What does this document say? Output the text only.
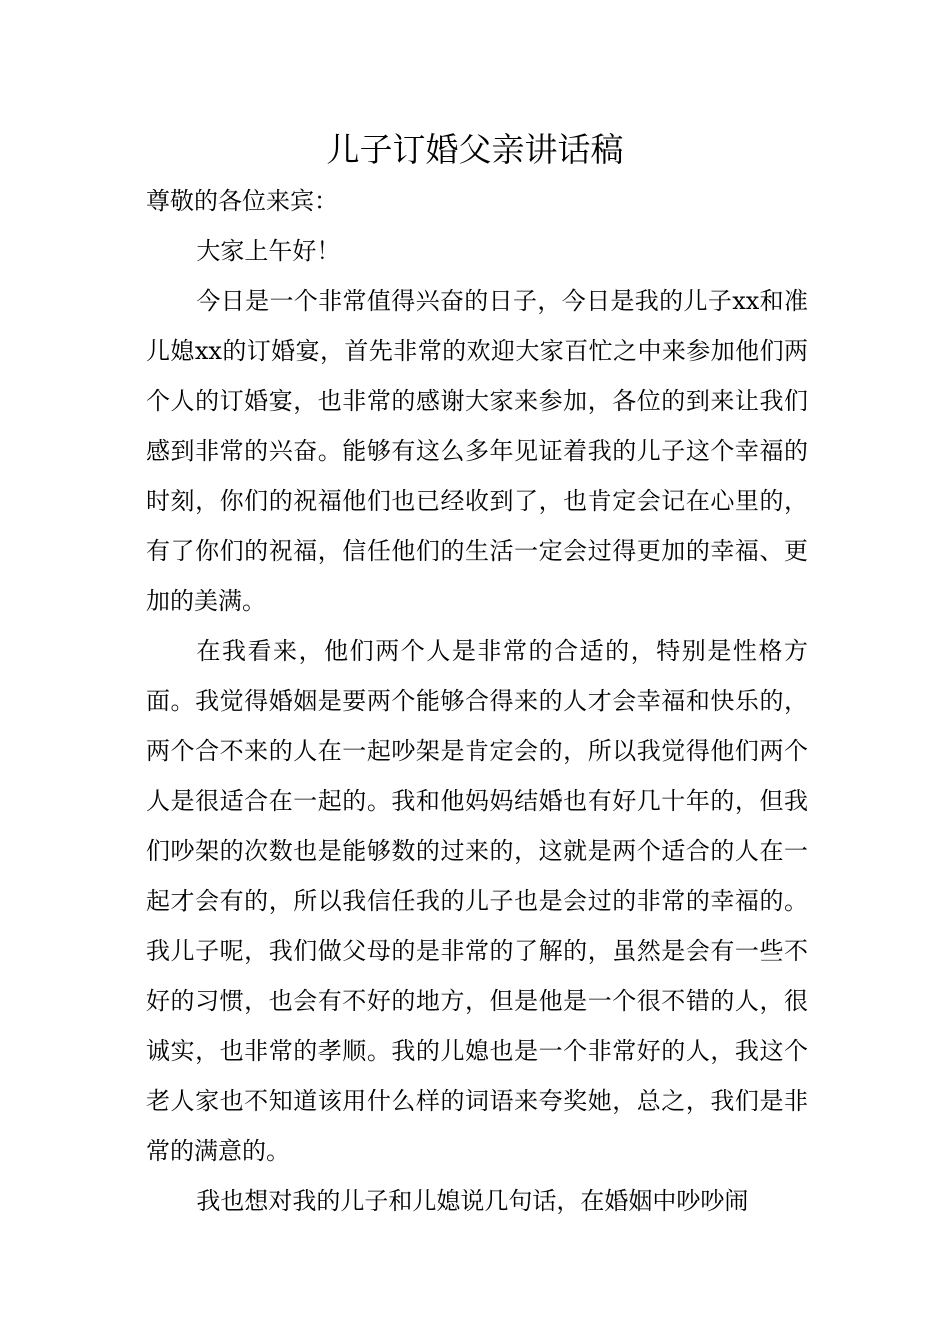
儿子订婚父亲讲话稿

尊敬的各位来宾：

大家上午好！

今日是一个非常值得兴奋的日子，今日是我的儿子xx和准儿媳xx的订婚宴，首先非常的欢迎大家百忙之中来参加他们两个人的订婚宴，也非常的感谢大家来参加，各位的到来让我们感到非常的兴奋。能够有这么多年见证着我的儿子这个幸福的时刻，你们的祝福他们也已经收到了，也肯定会记在心里的，有了你们的祝福，信任他们的生活一定会过得更加的幸福、更加的美满。

在我看来，他们两个人是非常的合适的，特别是性格方面。我觉得婚姻是要两个能够合得来的人才会幸福和快乐的，两个合不来的人在一起吵架是肯定会的，所以我觉得他们两个人是很适合在一起的。我和他妈妈结婚也有好几十年的，但我们吵架的次数也是能够数的过来的，这就是两个适合的人在一起才会有的，所以我信任我的儿子也是会过的非常的幸福的。我儿子呢，我们做父母的是非常的了解的，虽然是会有一些不好的习惯，也会有不好的地方，但是他是一个很不错的人，很诚实，也非常的孝顺。我的儿媳也是一个非常好的人，我这个老人家也不知道该用什么样的词语来夸奖她，总之，我们是非常的满意的。

我也想对我的儿子和儿媳说几句话，在婚姻中吵吵闹
